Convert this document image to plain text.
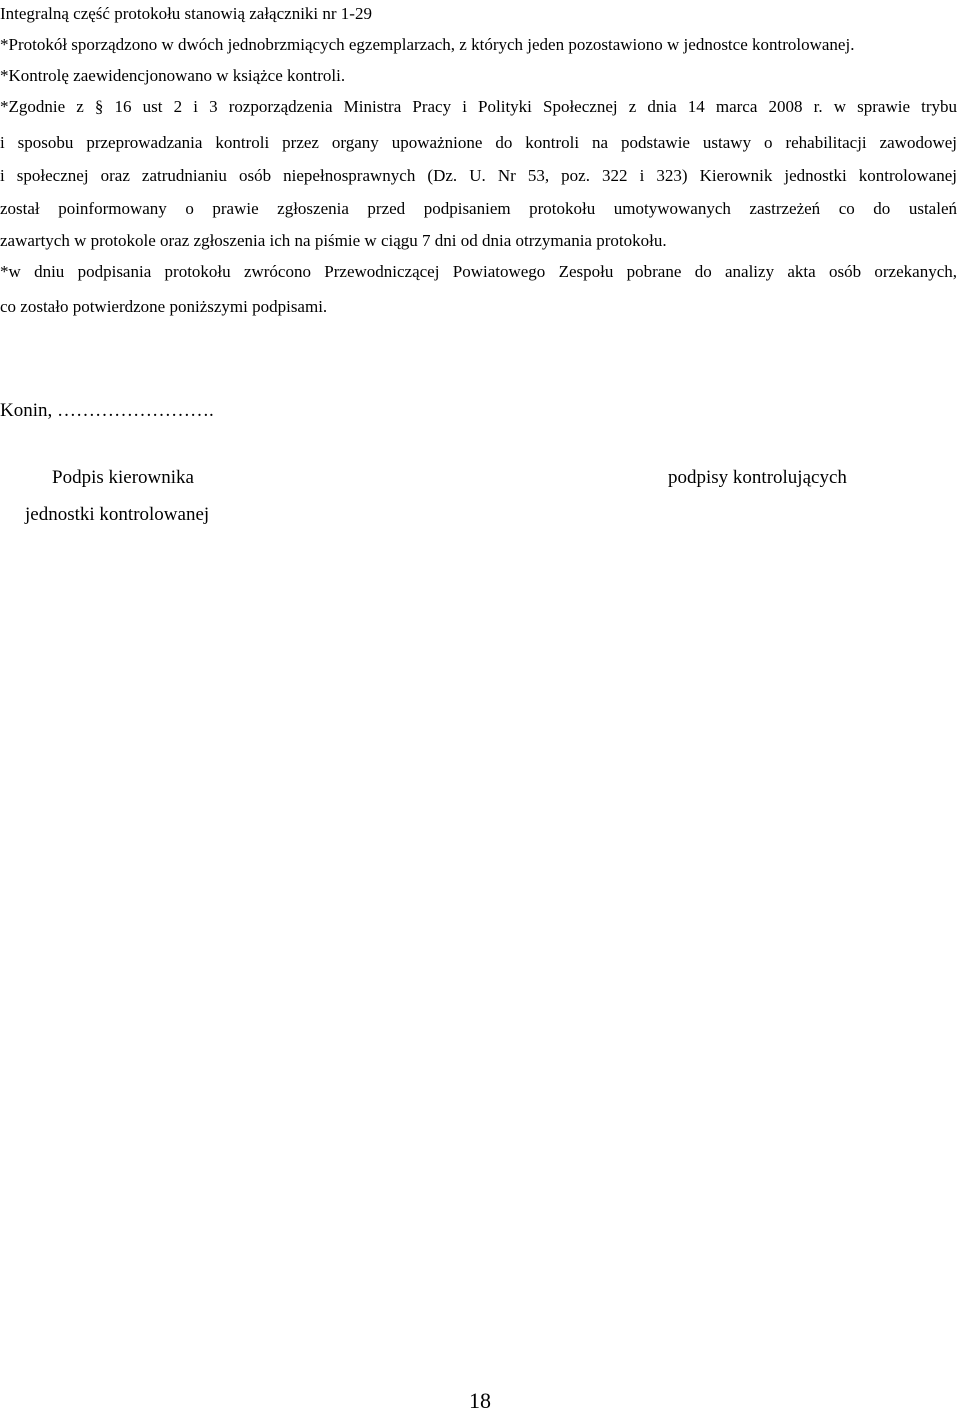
Integralną część protokołu stanowią załączniki nr 1-29

*Protokół sporządzono w dwóch jednobrzmiących egzemplarzach, z których jeden pozostawiono w jednostce kontrolowanej.

*Kontrolę zaewidencjonowano w książce kontroli.

*Zgodnie z § 16 ust 2 i 3 rozporządzenia Ministra Pracy i Polityki Społecznej z dnia 14 marca 2008 r. w sprawie trybu

i sposobu przeprowadzania kontroli przez organy upoważnione do kontroli na podstawie ustawy o rehabilitacji zawodowej

i społecznej oraz zatrudnianiu osób niepełnosprawnych (Dz. U. Nr 53, poz. 322 i 323) Kierownik jednostki kontrolowanej

został poinformowany o prawie zgłoszenia przed podpisaniem protokołu umotywowanych zastrzeżeń co do ustaleń

zawartych w protokole oraz zgłoszenia ich na piśmie w ciągu 7 dni od dnia otrzymania protokołu.

*w dniu podpisania protokołu zwrócono Przewodniczącej Powiatowego Zespołu pobrane do analizy akta osób orzekanych,

co zostało potwierdzone poniższymi podpisami.

Konin, …………………….

Podpis kierownika

jednostki kontrolowanej

podpisy kontrolujących

18
